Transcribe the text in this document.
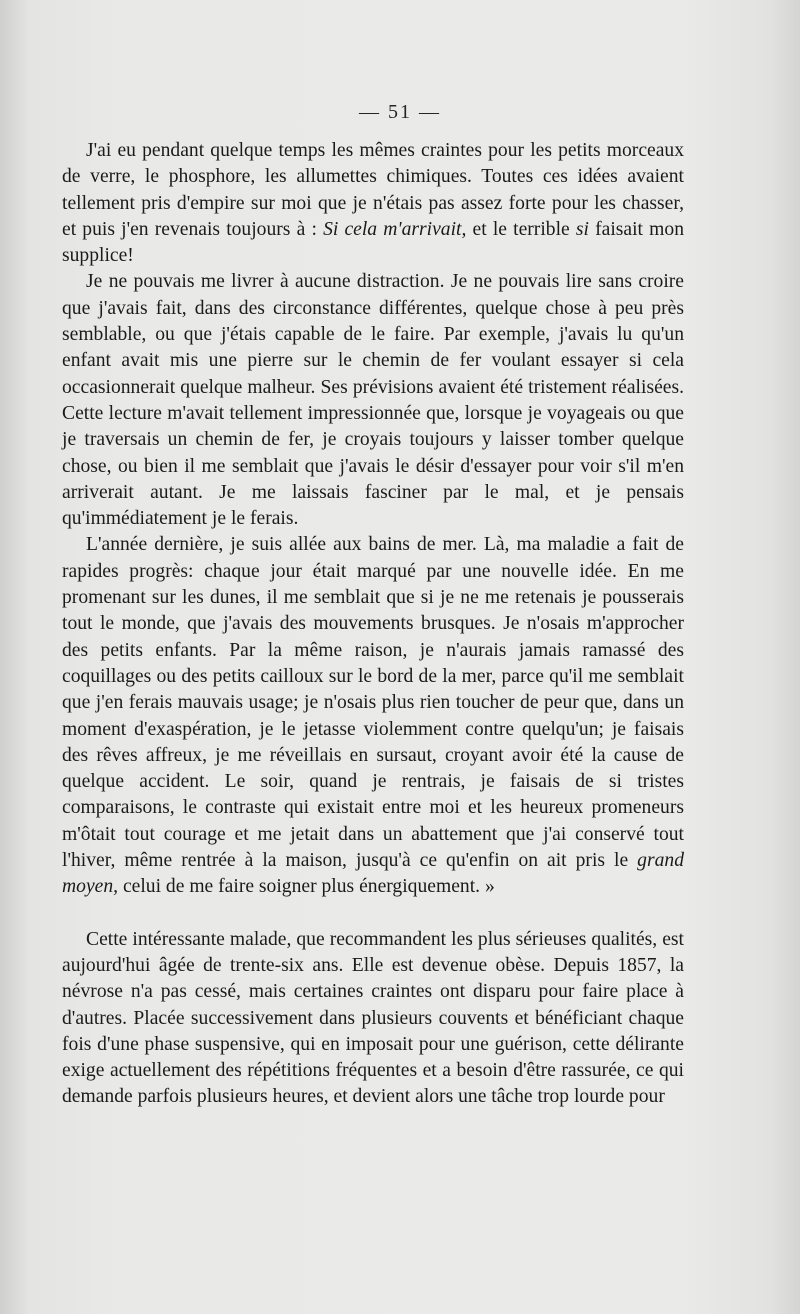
— 51 —

J'ai eu pendant quelque temps les mêmes craintes pour les petits morceaux de verre, le phosphore, les allumettes chimiques. Toutes ces idées avaient tellement pris d'empire sur moi que je n'étais pas assez forte pour les chasser, et puis j'en revenais toujours à : Si cela m'arrivait, et le terrible si faisait mon supplice!

Je ne pouvais me livrer à aucune distraction. Je ne pouvais lire sans croire que j'avais fait, dans des circonstance différentes, quelque chose à peu près semblable, ou que j'étais capable de le faire. Par exemple, j'avais lu qu'un enfant avait mis une pierre sur le chemin de fer voulant essayer si cela occasionnerait quelque malheur. Ses prévisions avaient été tristement réalisées. Cette lecture m'avait tellement impressionnée que, lorsque je voyageais ou que je traversais un chemin de fer, je croyais toujours y laisser tomber quelque chose, ou bien il me semblait que j'avais le désir d'essayer pour voir s'il m'en arriverait autant. Je me laissais fasciner par le mal, et je pensais qu'immédiatement je le ferais.

L'année dernière, je suis allée aux bains de mer. Là, ma maladie a fait de rapides progrès: chaque jour était marqué par une nouvelle idée. En me promenant sur les dunes, il me semblait que si je ne me retenais je pousserais tout le monde, que j'avais des mouvements brusques. Je n'osais m'approcher des petits enfants. Par la même raison, je n'aurais jamais ramassé des coquillages ou des petits cailloux sur le bord de la mer, parce qu'il me semblait que j'en ferais mauvais usage; je n'osais plus rien toucher de peur que, dans un moment d'exaspération, je le jetasse violemment contre quelqu'un; je faisais des rêves affreux, je me réveillais en sursaut, croyant avoir été la cause de quelque accident. Le soir, quand je rentrais, je faisais de si tristes comparaisons, le contraste qui existait entre moi et les heureux promeneurs m'ôtait tout courage et me jetait dans un abattement que j'ai conservé tout l'hiver, même rentrée à la maison, jusqu'à ce qu'enfin on ait pris le grand moyen, celui de me faire soigner plus énergiquement. »

Cette intéressante malade, que recommandent les plus sérieuses qualités, est aujourd'hui âgée de trente-six ans. Elle est devenue obèse. Depuis 1857, la névrose n'a pas cessé, mais certaines craintes ont disparu pour faire place à d'autres. Placée successivement dans plusieurs couvents et bénéficiant chaque fois d'une phase suspensive, qui en imposait pour une guérison, cette délirante exige actuellement des répétitions fréquentes et a besoin d'être rassurée, ce qui demande parfois plusieurs heures, et devient alors une tâche trop lourde pour
